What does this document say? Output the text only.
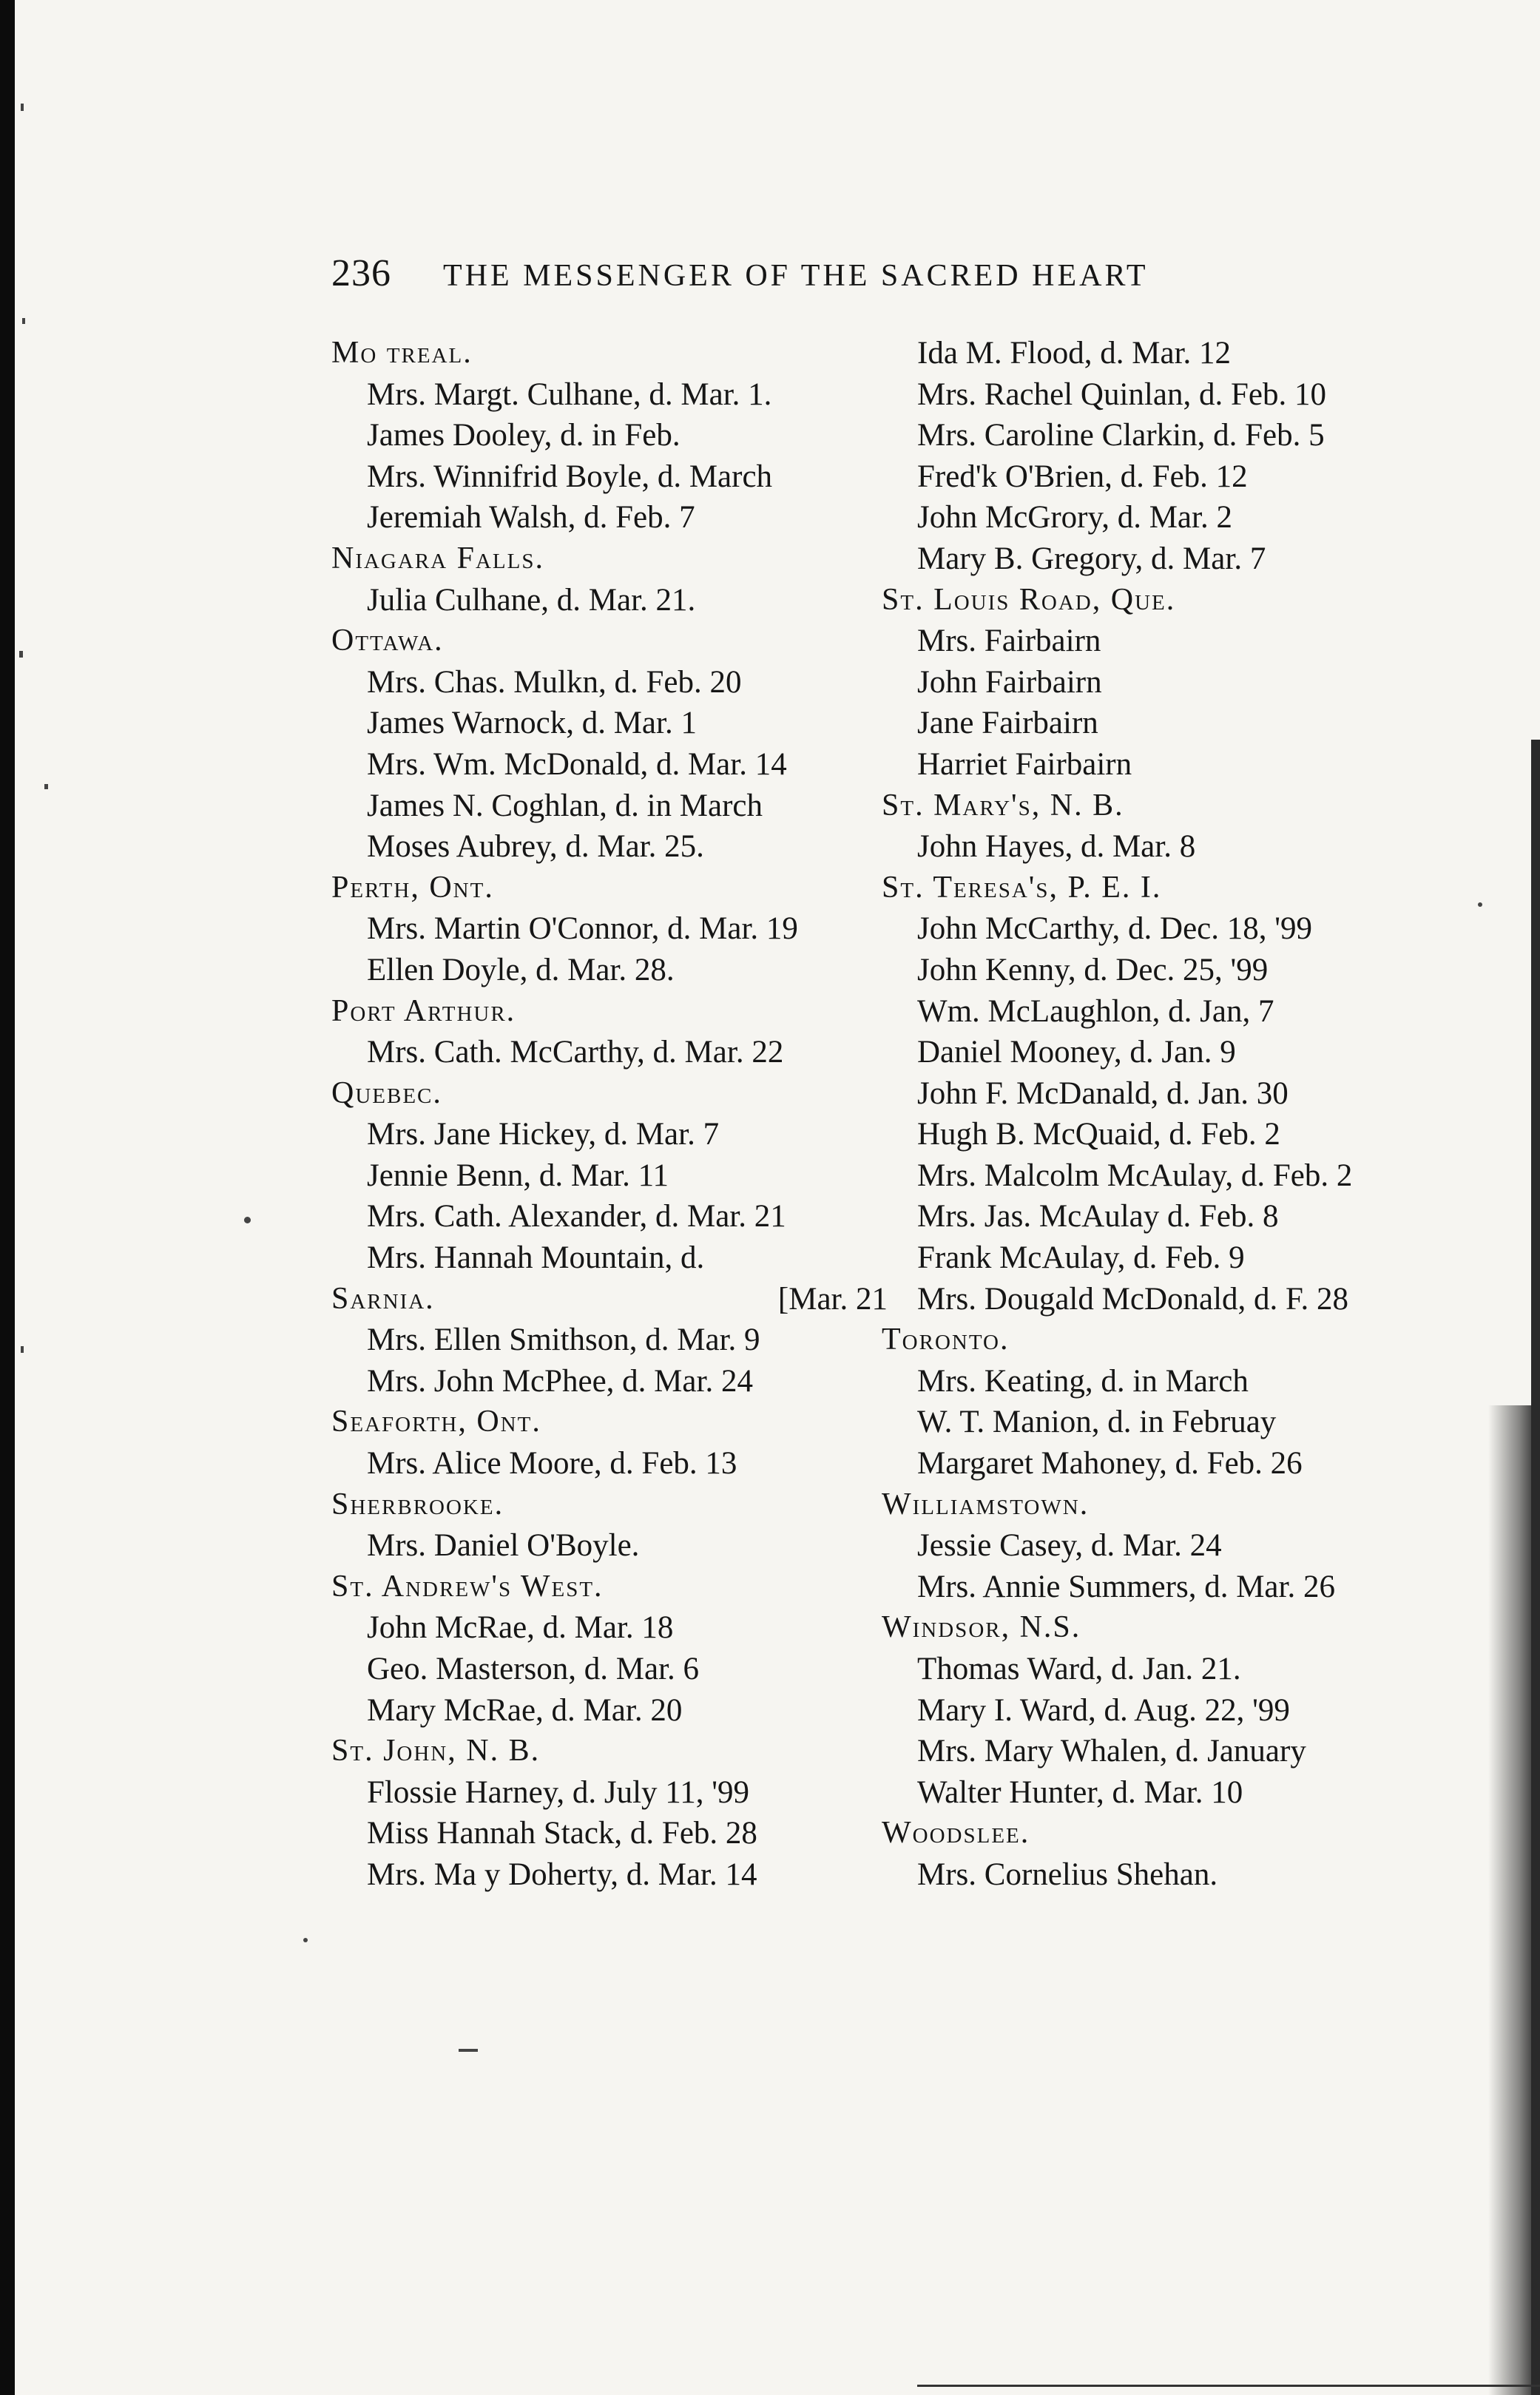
236 THE MESSENGER OF THE SACRED HEART
Mo treal.
Mrs. Margt. Culhane, d. Mar. 1.
James Dooley, d. in Feb.
Mrs. Winnifrid Boyle, d. March
Jeremiah Walsh, d. Feb. 7
Niagara Falls.
Julia Culhane, d. Mar. 21.
Ottawa.
Mrs. Chas. Mulkn, d. Feb. 20
James Warnock, d. Mar. 1
Mrs. Wm. McDonald, d. Mar. 14
James N. Coghlan, d. in March
Moses Aubrey, d. Mar. 25.
Perth, Ont.
Mrs. Martin O'Connor, d. Mar. 19
Ellen Doyle, d. Mar. 28.
Port Arthur.
Mrs. Cath. McCarthy, d. Mar. 22
Quebec.
Mrs. Jane Hickey, d. Mar. 7
Jennie Benn, d. Mar. 11
Mrs. Cath. Alexander, d. Mar. 21
Mrs. Hannah Mountain, d.
Sarnia.	[Mar. 21
Mrs. Ellen Smithson, d. Mar. 9
Mrs. John McPhee, d. Mar. 24
Seaforth, Ont.
Mrs. Alice Moore, d. Feb. 13
Sherbrooke.
Mrs. Daniel O'Boyle.
St. Andrew's West.
John McRae, d. Mar. 18
Geo. Masterson, d. Mar. 6
Mary McRae, d. Mar. 20
St. John, N. B.
Flossie Harney, d. July 11, '99
Miss Hannah Stack, d. Feb. 28
Mrs. Ma y Doherty, d. Mar. 14
Ida M. Flood, d. Mar. 12
Mrs. Rachel Quinlan, d. Feb. 10
Mrs. Caroline Clarkin, d. Feb. 5
Fred'k O'Brien, d. Feb. 12
John McGrory, d. Mar. 2
Mary B. Gregory, d. Mar. 7
St. Louis Road, Que.
Mrs. Fairbairn
John Fairbairn
Jane Fairbairn
Harriet Fairbairn
St. Mary's, N. B.
John Hayes, d. Mar. 8
St. Teresa's, P. E. I.
John McCarthy, d. Dec. 18, '99
John Kenny, d. Dec. 25, '99
Wm. McLaughlon, d. Jan, 7
Daniel Mooney, d. Jan. 9
John F. McDanald, d. Jan. 30
Hugh B. McQuaid, d. Feb. 2
Mrs. Malcolm McAulay, d. Feb. 2
Mrs. Jas. McAulay d. Feb. 8
Frank McAulay, d. Feb. 9
Mrs. Dougald McDonald, d. F. 28
Toronto.
Mrs. Keating, d. in March
W. T. Manion, d. in Februay
Margaret Mahoney, d. Feb. 26
Williamstown.
Jessie Casey, d. Mar. 24
Mrs. Annie Summers, d. Mar. 26
Windsor, N.S.
Thomas Ward, d. Jan. 21.
Mary I. Ward, d. Aug. 22, '99
Mrs. Mary Whalen, d. January
Walter Hunter, d. Mar. 10
Woodslee.
Mrs. Cornelius Shehan.
